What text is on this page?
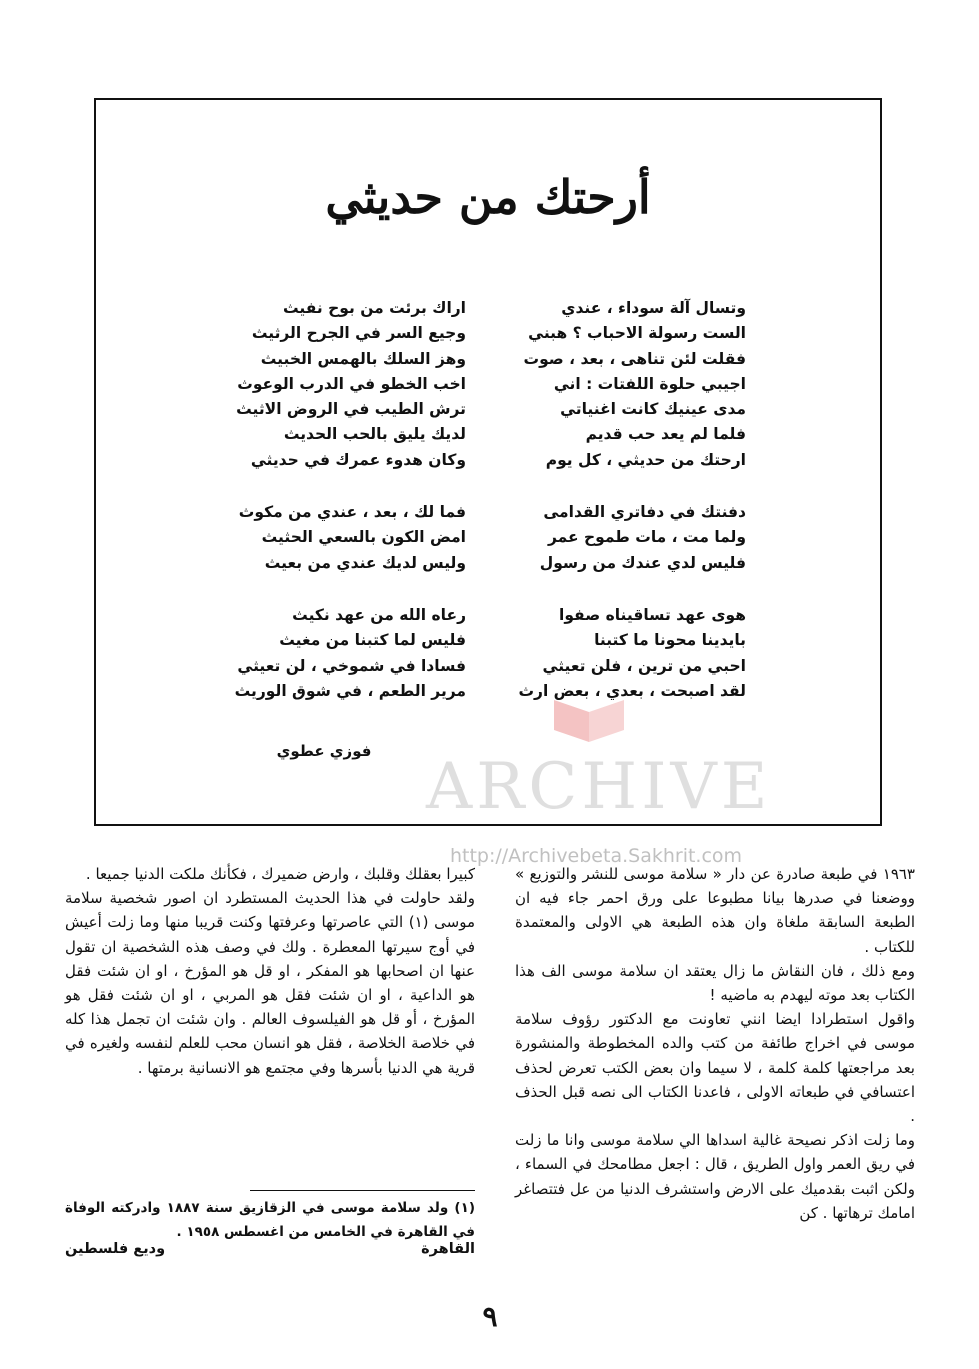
أرحتك من حديثي
وتسال آلة سوداء ، عندي
الست رسولة الاحباب ؟ هبني
فقلت لئن تناهى ، بعد ، صوت
اجيبي حلوة اللفتات : اني
مدى عينيك كانت اغنياتي
فلما لم يعد حب قديم
ارحتك من حديثي ، كل يوم
دفنتك في دفاتري القدامى
ولما مت ، مات طموح عمر
فليس لدي عندك من رسول
هوى عهد تساقيناه صفوا
بايدينا محونا ما كتبنا
احبي من ترين ، فلن تعيثي
لقد اصبحت ، بعدي ، بعض ارث
اراك برئت من بوح نفيث
وجيع السر في الجرح الرثيث
وهز السلك بالهمس الخبيث
اخب الخطو في الدرب الوعوث
ترش الطيب في الروض الاثيث
لديك يليق بالحب الحديث
وكان هدوء عمرك في حديثي
فما لك ، بعد ، عندي من مكوث
امض الكون بالسعي الحثيث
وليس لديك عندي من بعيث
رعاه الله من عهد نكيث
فليس لما كتبنا من مغيث
فسادا في شموخي ، لن تعيثي
مرير الطعم ، في شوق الوريث
ARCHIVE
http://Archivebeta.Sakhrit.com
فوزي عطوي

١٩٦٣ في طبعة صادرة عن دار « سلامة موسى للنشر والتوزيع » ووضعنا في صدرها بيانا مطبوعا على ورق احمر جاء فيه ان الطبعة السابقة ملغاة وان هذه الطبعة هي الاولى والمعتمدة للكتاب .

ومع ذلك ، فان النقاش ما زال يعتقد ان سلامة موسى الف هذا الكتاب بعد موته ليهدم به ماضيه !

واقول استطرادا ايضا انني تعاونت مع الدكتور رؤوف سلامة موسى في اخراج طائفة من كتب والده المخطوطة والمنشورة بعد مراجعتها كلمة كلمة ، لا سيما وان بعض الكتب تعرض لحذف اعتسافي في طبعاته الاولى ، فاعدنا الكتاب الى نصه قبل الحذف .

وما زلت اذكر نصيحة غالية اسداها الي سلامة موسى وانا ما زلت في ريق العمر واول الطريق ، قال : اجعل مطامحك في السماء ، ولكن اثبت بقدميك على الارض واستشرف الدنيا من عل فتتصاغر امامك ترهاتها . كن

كبيرا بعقلك وقلبك ، وارض ضميرك ، فكأنك ملكت الدنيا جميعا .

ولقد حاولت في هذا الحديث المستطرد ان اصور شخصية سلامة موسى (١) التي عاصرتها وعرفتها وكنت قريبا منها وما زلت أعيش في أوج سيرتها المعطرة . ولك في وصف هذه الشخصية ان تقول عنها ان اصحابها هو المفكر ، او قل هو المؤرخ ، او ان شئت فقل هو الداعية ، او ان شئت فقل هو المربي ، او ان شئت فقل هو المؤرخ ، أو قل هو الفيلسوف العالم . وان شئت ان تجمل هذا كله في خلاصة الخلاصة ، فقل هو انسان محب للعلم لنفسه ولغيره في قرية هي الدنيا بأسرها وفي مجتمع هو الانسانية برمتها .

(١) ولد سلامة موسى في الزقازيق سنة ١٨٨٧ وادركته الوفاة في القاهرة في الخامس من اغسطس ١٩٥٨ .
القاهرة
وديع فلسطين
٩
